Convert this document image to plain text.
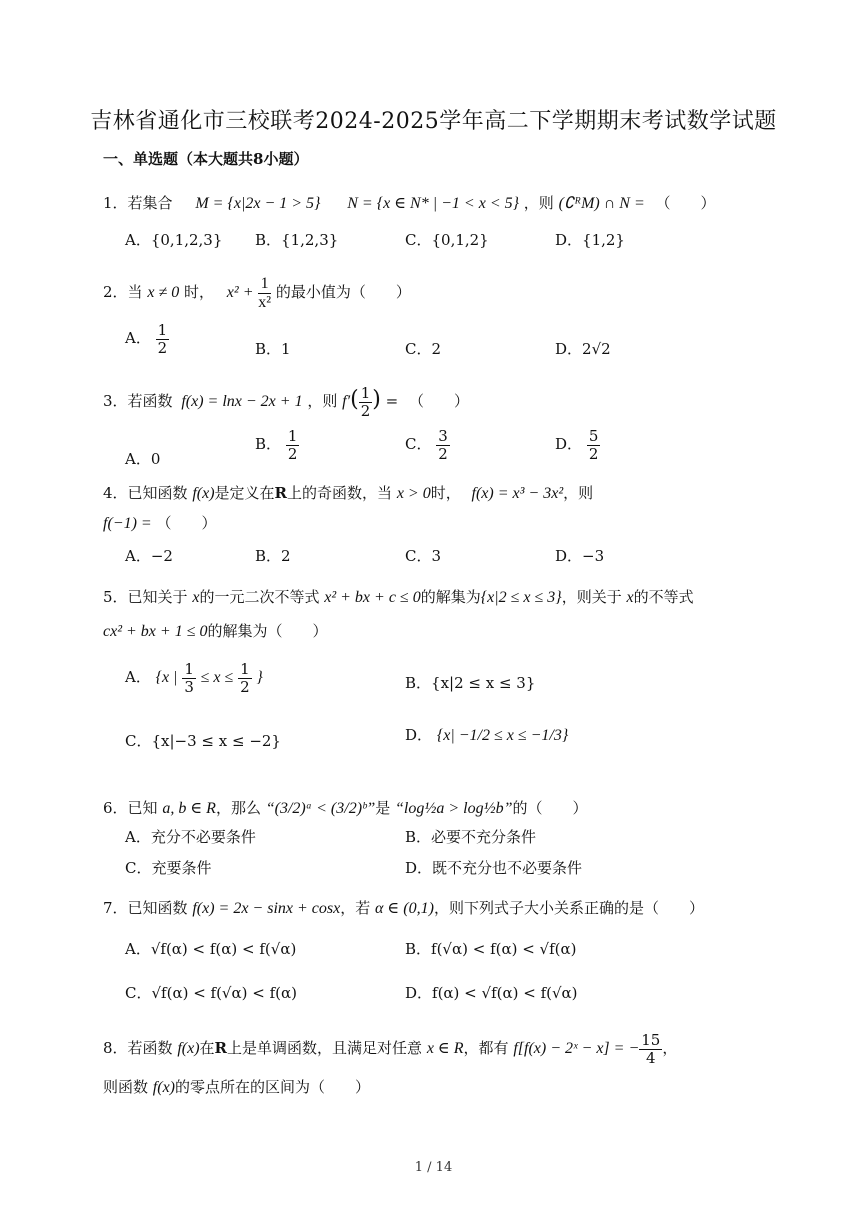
吉林省通化市三校联考2024-2025学年高二下学期期末考试数学试题
一、单选题（本大题共8小题）
1．若集合 M = {x|2x − 1 > 5} N = {x ∈ N* | −1 < x < 5} ，则 (∁ᴿM) ∩ N = （　　）
A．{0,1,2,3} B．{1,2,3}	C．{0,1,2}	D．{1,2}
2．当 x ≠ 0 时， $x^2 + \frac{1}{\text{x²}}$ 的最小值为（　　）
A． $\frac{1}{2}$	B．1	C．2	D．2√2
3．若函数 f(x) = lnx − 2x + 1 ，则 $f'( \frac{1}{2}$ ) = （　　）
A．0
B． $\frac{1}{2}$	C． $\frac{3}{2}$	D． $\frac{5}{2}$
4．已知函数 f(x)是定义在R上的奇函数，当 x > 0时， f(x) = x³ − 3x²，则
f(−1) = （　　）
A．−2	B．2	C．3	D．−3
5．已知关于 x的一元二次不等式 x² + bx + c ≤ 0的解集为{x|2 ≤ x ≤ 3}，则关于 x的不等式
cx² + bx + 1 ≤ 0的解集为（　　）
A． {x | $\frac{1}{3} \le x \le \frac{1}{2}$ }	B．{x|2 ≤ x ≤ 3}
C．{x|−3 ≤ x ≤ −2}	D． {x| −1/2 ≤ x ≤ −1/3}
6．已知 a, b ∈ R，那么 “(3/2)ᵃ < (3/2)ᵇ”是 “log½a > log½b”的（　　）
A．充分不必要条件	B．必要不充分条件
C．充要条件	D．既不充分也不必要条件
7．已知函数 f(x) = 2x − sinx + cosx，若 α ∈ (0,1)，则下列式子大小关系正确的是（　　）
A．√f(α) < f(α) < f(√α)	B．f(√α) < f(α) < √f(α)
C．√f(α) < f(√α) < f(α)	D．f(α) < √f(α) < f(√α)
8．若函数 f(x)在R上是单调函数，且满足对任意 x ∈ R，都有 f[f(x) − 2ˣ − x] = − $\frac{15}{4}$ ，
则函数 f(x)的零点所在的区间为（　　）
1 / 14
